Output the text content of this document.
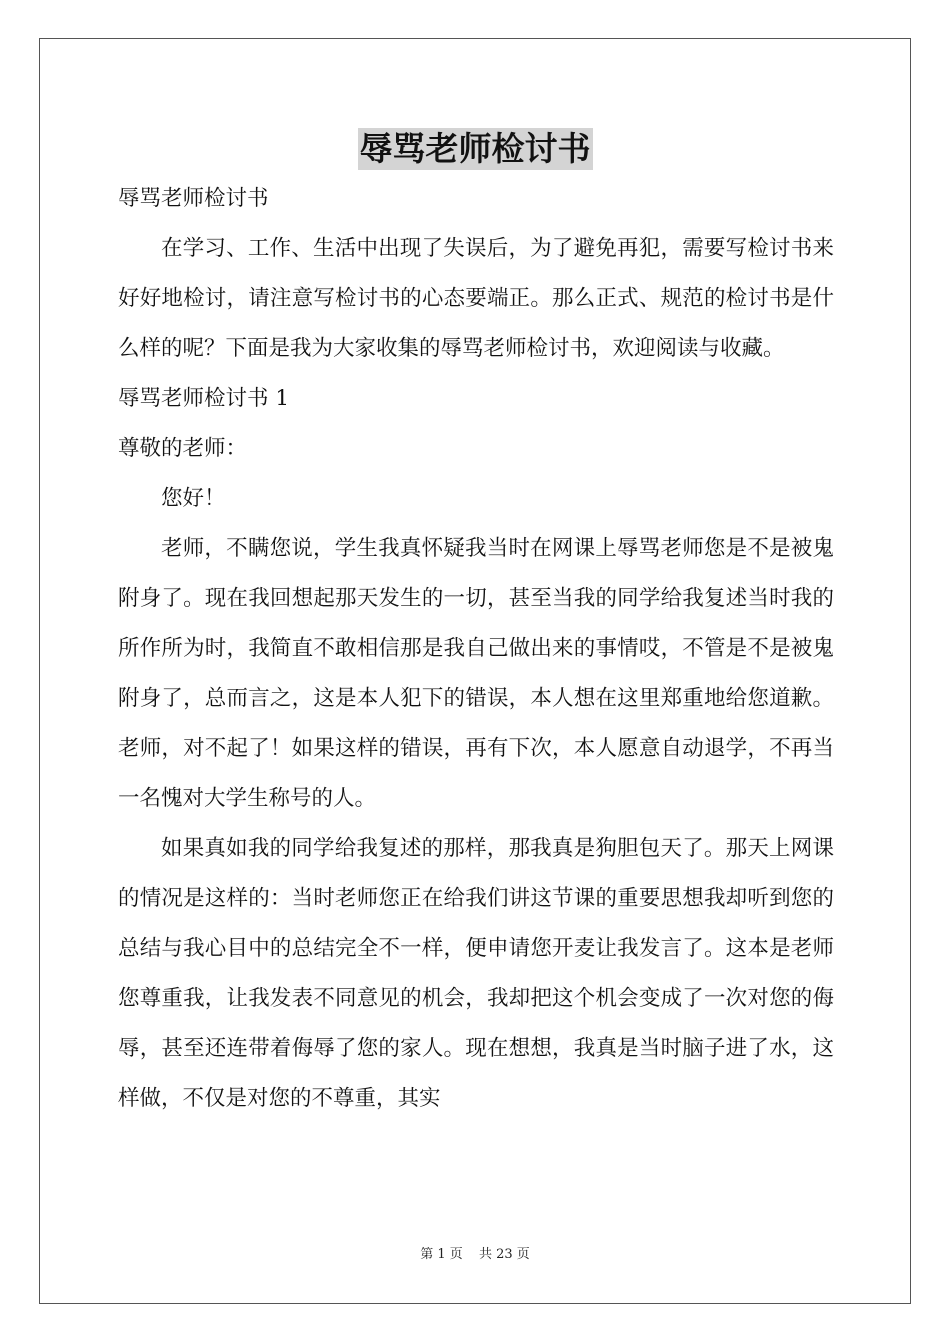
辱骂老师检讨书

辱骂老师检讨书

在学习、工作、生活中出现了失误后，为了避免再犯，需要写检讨书来好好地检讨，请注意写检讨书的心态要端正。那么正式、规范的检讨书是什么样的呢？下面是我为大家收集的辱骂老师检讨书，欢迎阅读与收藏。

辱骂老师检讨书 1

尊敬的老师：

您好！

老师，不瞒您说，学生我真怀疑我当时在网课上辱骂老师您是不是被鬼附身了。现在我回想起那天发生的一切，甚至当我的同学给我复述当时我的所作所为时，我简直不敢相信那是我自己做出来的事情哎，不管是不是被鬼附身了，总而言之，这是本人犯下的错误，本人想在这里郑重地给您道歉。老师，对不起了！如果这样的错误，再有下次，本人愿意自动退学，不再当一名愧对大学生称号的人。

如果真如我的同学给我复述的那样，那我真是狗胆包天了。那天上网课的情况是这样的：当时老师您正在给我们讲这节课的重要思想我却听到您的总结与我心目中的总结完全不一样，便申请您开麦让我发言了。这本是老师您尊重我，让我发表不同意见的机会，我却把这个机会变成了一次对您的侮辱，甚至还连带着侮辱了您的家人。现在想想，我真是当时脑子进了水，这样做，不仅是对您的不尊重，其实

第 1 页 共 23 页
